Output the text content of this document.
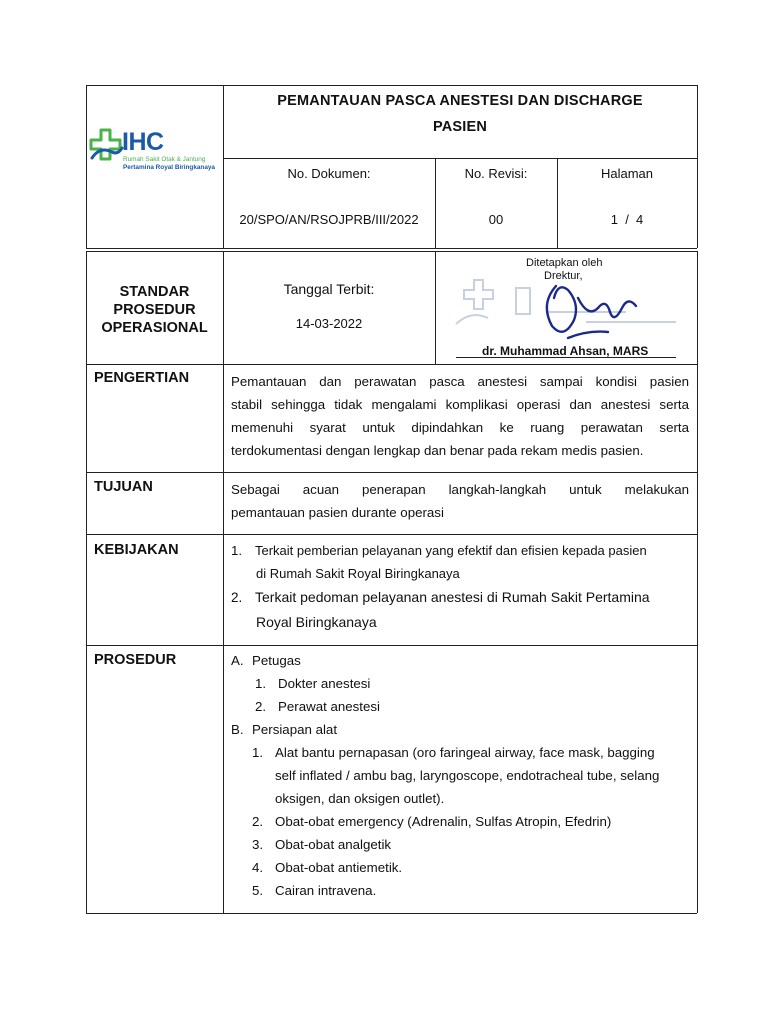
IHC
Rumah Sakit Otak & Jantung
Pertamina Royal Biringkanaya
PEMANTAUAN PASCA ANESTESI DAN DISCHARGE
PASIEN
No. Dokumen:
20/SPO/AN/RSOJPRB/III/2022
No. Revisi:
00
Halaman
1  /  4
STANDAR
PROSEDUR
OPERASIONAL
Tanggal Terbit:
14-03-2022
Ditetapkan oleh
Drektur,
dr. Muhammad Ahsan, MARS
PENGERTIAN	Pemantauan dan perawatan pasca anestesi sampai kondisi pasien
stabil sehingga tidak mengalami komplikasi operasi dan anestesi serta
memenuhi syarat untuk dipindahkan ke ruang perawatan serta
terdokumentasi dengan lengkap dan benar pada rekam medis pasien.
TUJUAN	Sebagai acuan penerapan langkah-langkah untuk melakukan
pemantauan pasien durante operasi
KEBIJAKAN	1. Terkait pemberian pelayanan yang efektif dan efisien kepada pasien
di Rumah Sakit Royal Biringkanaya
2. Terkait pedoman pelayanan anestesi di Rumah Sakit Pertamina
Royal Biringkanaya
PROSEDUR	A. Petugas
1. Dokter anestesi
2. Perawat anestesi
B. Persiapan alat
1. Alat bantu pernapasan (oro faringeal airway, face mask, bagging
self inflated / ambu bag, laryngoscope, endotracheal tube, selang
oksigen, dan oksigen outlet).
2. Obat-obat emergency (Adrenalin, Sulfas Atropin, Efedrin)
3. Obat-obat analgetik
4. Obat-obat antiemetik.
5. Cairan intravena.
